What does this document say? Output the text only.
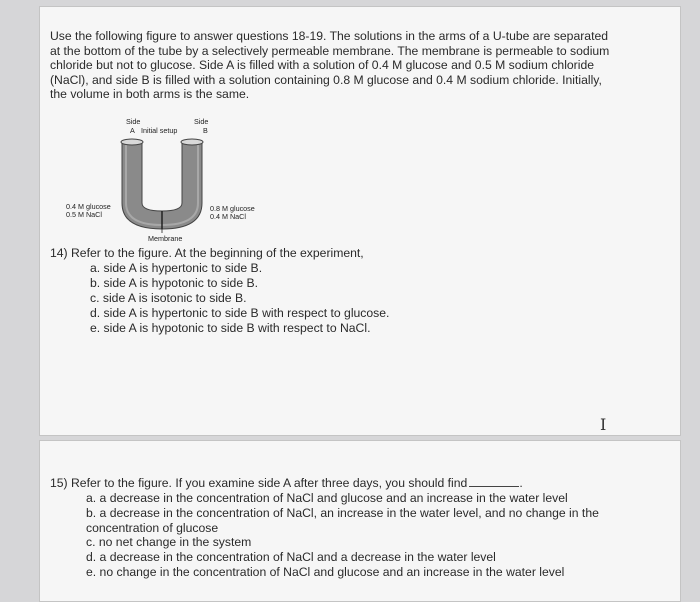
Use the following figure to answer questions 18-19. The solutions in the arms of a U-tube are separated at the bottom of the tube by a selectively permeable membrane. The membrane is permeable to sodium chloride but not to glucose. Side A is filled with a solution of 0.4 M glucose and 0.5 M sodium chloride (NaCl), and side B is filled with a solution containing 0.8 M glucose and 0.4 M sodium chloride. Initially, the volume in both arms is the same.
Side
A Initial setup
Side
B
0.4 M glucose
0.5 M NaCl
0.8 M glucose
0.4 M NaCl
Membrane
14) Refer to the figure. At the beginning of the experiment,
a. side A is hypertonic to side B.
b. side A is hypotonic to side B.
c. side A is isotonic to side B.
d. side A is hypertonic to side B with respect to glucose.
e. side A is hypotonic to side B with respect to NaCl.
I
15) Refer to the figure. If you examine side A after three days, you should find	.
a. a decrease in the concentration of NaCl and glucose and an increase in the water level
b. a decrease in the concentration of NaCl, an increase in the water level, and no change in the concentration of glucose
c. no net change in the system
d. a decrease in the concentration of NaCl and a decrease in the water level
e. no change in the concentration of NaCl and glucose and an increase in the water level
